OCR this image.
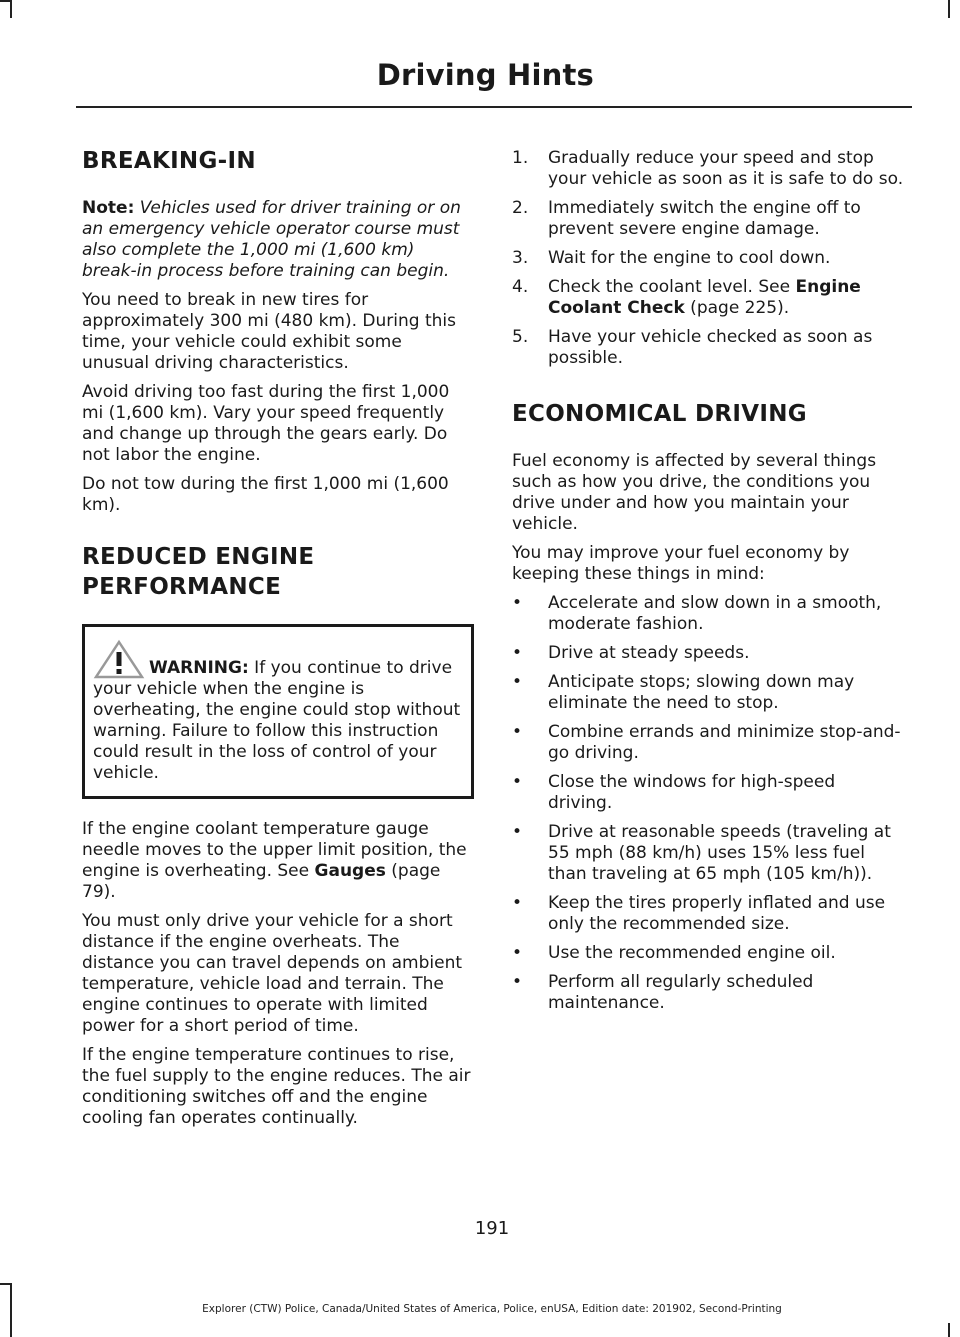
Driving Hints
BREAKING-IN

Note: Vehicles used for driver training or on an emergency vehicle operator course must also complete the 1,000 mi (1,600 km) break-in process before training can begin.

You need to break in new tires for approximately 300 mi (480 km). During this time, your vehicle could exhibit some unusual driving characteristics.

Avoid driving too fast during the first 1,000 mi (1,600 km). Vary your speed frequently and change up through the gears early. Do not labor the engine.

Do not tow during the first 1,000 mi (1,600 km).

REDUCED ENGINE
PERFORMANCE
WARNING: If you continue to drive your vehicle when the engine is overheating, the engine could stop without warning. Failure to follow this instruction could result in the loss of control of your vehicle.

If the engine coolant temperature gauge needle moves to the upper limit position, the engine is overheating. See Gauges (page 79).

You must only drive your vehicle for a short distance if the engine overheats. The distance you can travel depends on ambient temperature, vehicle load and terrain. The engine continues to operate with limited power for a short period of time.

If the engine temperature continues to rise, the fuel supply to the engine reduces. The air conditioning switches off and the engine cooling fan operates continually.

1. Gradually reduce your speed and stop your vehicle as soon as it is safe to do so.
2. Immediately switch the engine off to prevent severe engine damage.
3. Wait for the engine to cool down.
4. Check the coolant level. See Engine Coolant Check (page 225).
5. Have your vehicle checked as soon as possible.
ECONOMICAL DRIVING

Fuel economy is affected by several things such as how you drive, the conditions you drive under and how you maintain your vehicle.

You may improve your fuel economy by keeping these things in mind:

• Accelerate and slow down in a smooth, moderate fashion.
• Drive at steady speeds.
• Anticipate stops; slowing down may eliminate the need to stop.
• Combine errands and minimize stop-and-go driving.
• Close the windows for high-speed driving.
• Drive at reasonable speeds (traveling at 55 mph (88 km/h) uses 15% less fuel than traveling at 65 mph (105 km/h)).
• Keep the tires properly inflated and use only the recommended size.
• Use the recommended engine oil.
• Perform all regularly scheduled maintenance.
191
Explorer (CTW) Police, Canada/United States of America, Police, enUSA, Edition date: 201902, Second-Printing
